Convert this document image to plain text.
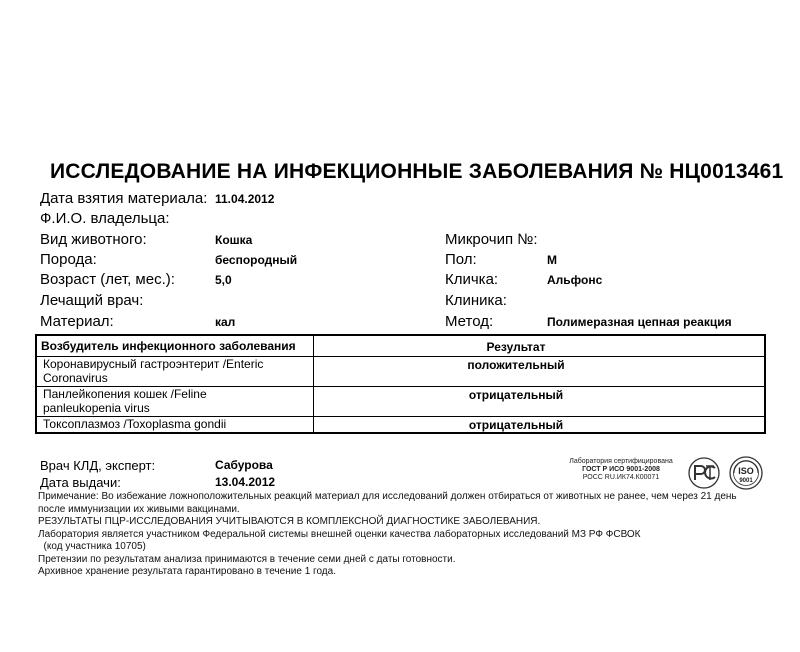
ИССЛЕДОВАНИЕ НА ИНФЕКЦИОННЫЕ ЗАБОЛЕВАНИЯ № НЦ0013461
Дата взятия материала: 11.04.2012
Ф.И.О. владельца:
Вид животного:	Кошка
Порода:	беспородный
Возраст (лет, мес.):	5,0
Лечащий врач:
Материал:	кал
Микрочип №:
Пол:	М
Кличка:	Альфонс
Клиника:
Метод:	Полимеразная цепная реакция
Возбудитель инфекционного заболевания	Результат

Коронавирусный гастроэнтерит /Enteric
Coronavirus	положительный

Панлейкопения кошек /Feline
panleukopenia virus	отрицательный

Токсоплазмоз /Toxoplasma gondii	отрицательный
Врач КЛД, эксперт:	Сабурова
Дата выдачи:	13.04.2012
Лаборатория сертифицирована
ГОСТ Р ИСО 9001-2008
РОСС RU.ИК74.К00071
ISO
9001
Примечание: Во избежание ложноположительных реакций материал для исследований должен отбираться от животных не ранее, чем через 21 день
после иммунизации их живыми вакцинами.
РЕЗУЛЬТАТЫ ПЦР-ИССЛЕДОВАНИЯ УЧИТЫВАЮТСЯ В КОМПЛЕКСНОЙ ДИАГНОСТИКЕ ЗАБОЛЕВАНИЯ.
Лаборатория является участником Федеральной системы внешней оценки качества лабораторных исследований МЗ РФ ФСВОК
(код участника 10705)
Претензии по результатам анализа принимаются в течение семи дней с даты готовности.
Архивное хранение результата гарантировано в течение 1 года.
